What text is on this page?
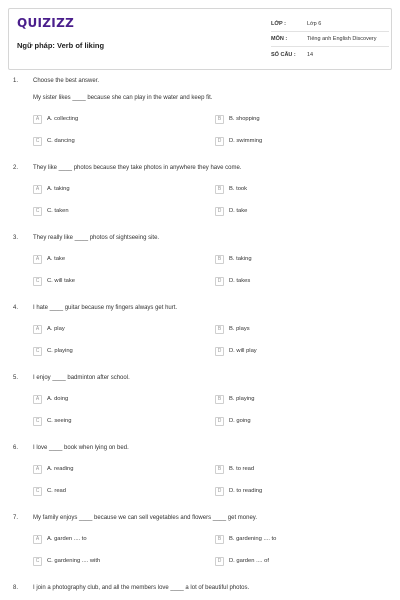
QUIZIZZ
Ngữ pháp: Verb of liking
LỚP :	Lớp 6
MÔN :	Tiếng anh English Discovery
SỐ CÂU :	14
1. Choose the best answer.
My sister likes ____ because she can play in the water and keep fit.
A	A. collecting	B	B. shopping
C	C. dancing	D	D. swimming
2. They like ____ photos because they take photos in anywhere they have come.
A	A. taking	B	B. took
C	C. taken	D	D. take
3. They really like ____ photos of sightseeing site.
A	A. take	B	B. taking
C	C. will take	D	D. takes
4. I hate ____ guitar because my fingers always get hurt.
A	A. play	B	B. plays
C	C. playing	D	D. will play
5. I enjoy ____ badminton after school.
A	A. doing	B	B. playing
C	C. seeing	D	D. going
6. I love ____ book when lying on bed.
A	A. reading	B	B. to read
C	C. read	D	D. to reading
7. My family enjoys ____ because we can sell vegetables and flowers ____ get money.
A	A. garden .... to	B	B. gardening .... to
C	C. gardening .... with	D	D. garden .... of
8. I join a photography club, and all the members love ____ a lot of beautiful photos.
